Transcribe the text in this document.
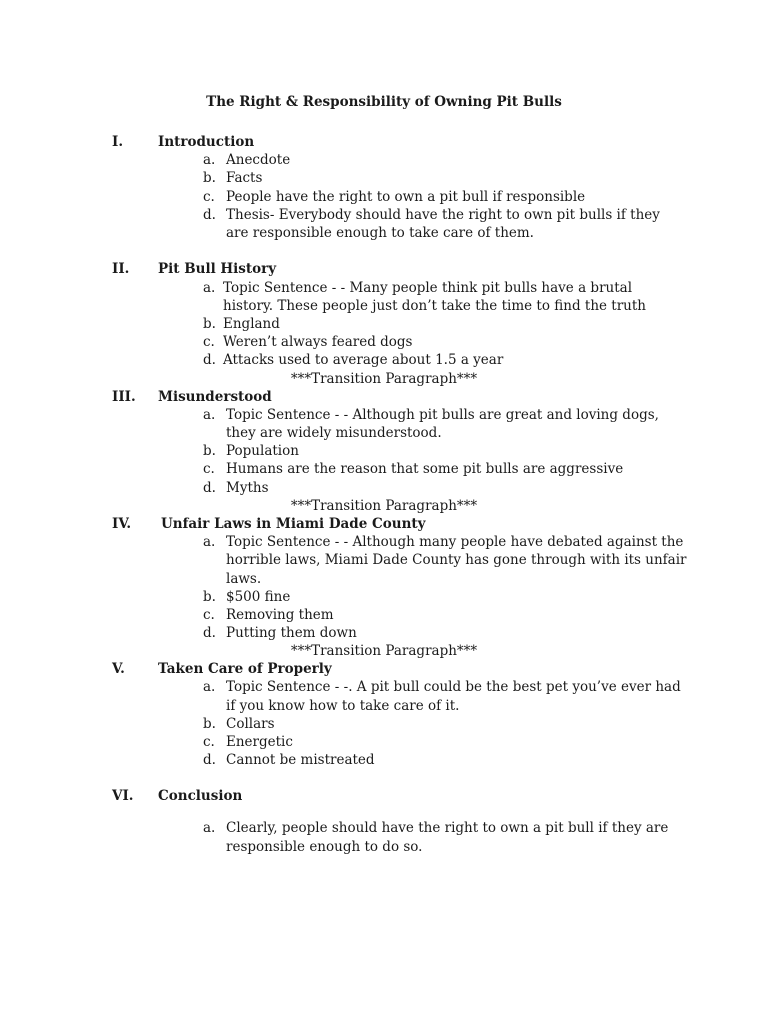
The Right & Responsibility of Owning Pit Bulls
I.	Introduction
a. Anecdote
b. Facts
c. People have the right to own a pit bull if responsible
d. Thesis- Everybody should have the right to own pit bulls if they
are responsible enough to take care of them.
II. Pit Bull History
a. Topic Sentence - - Many people think pit bulls have a brutal
history. These people just don’t take the time to find the truth
b. England
c. Weren’t always feared dogs
d. Attacks used to average about 1.5 a year
***Transition Paragraph***
III. Misunderstood
a. Topic Sentence - - Although pit bulls are great and loving dogs,
they are widely misunderstood.
b. Population
c. Humans are the reason that some pit bulls are aggressive
d. Myths
***Transition Paragraph***
IV. Unfair Laws in Miami Dade County
a. Topic Sentence - - Although many people have debated against the
horrible laws, Miami Dade County has gone through with its unfair
laws.
b. $500 fine
c. Removing them
d. Putting them down
***Transition Paragraph***
V. Taken Care of Properly
a. Topic Sentence - -. A pit bull could be the best pet you’ve ever had
if you know how to take care of it.
b. Collars
c. Energetic
d. Cannot be mistreated
VI. Conclusion
a. Clearly, people should have the right to own a pit bull if they are
responsible enough to do so.
